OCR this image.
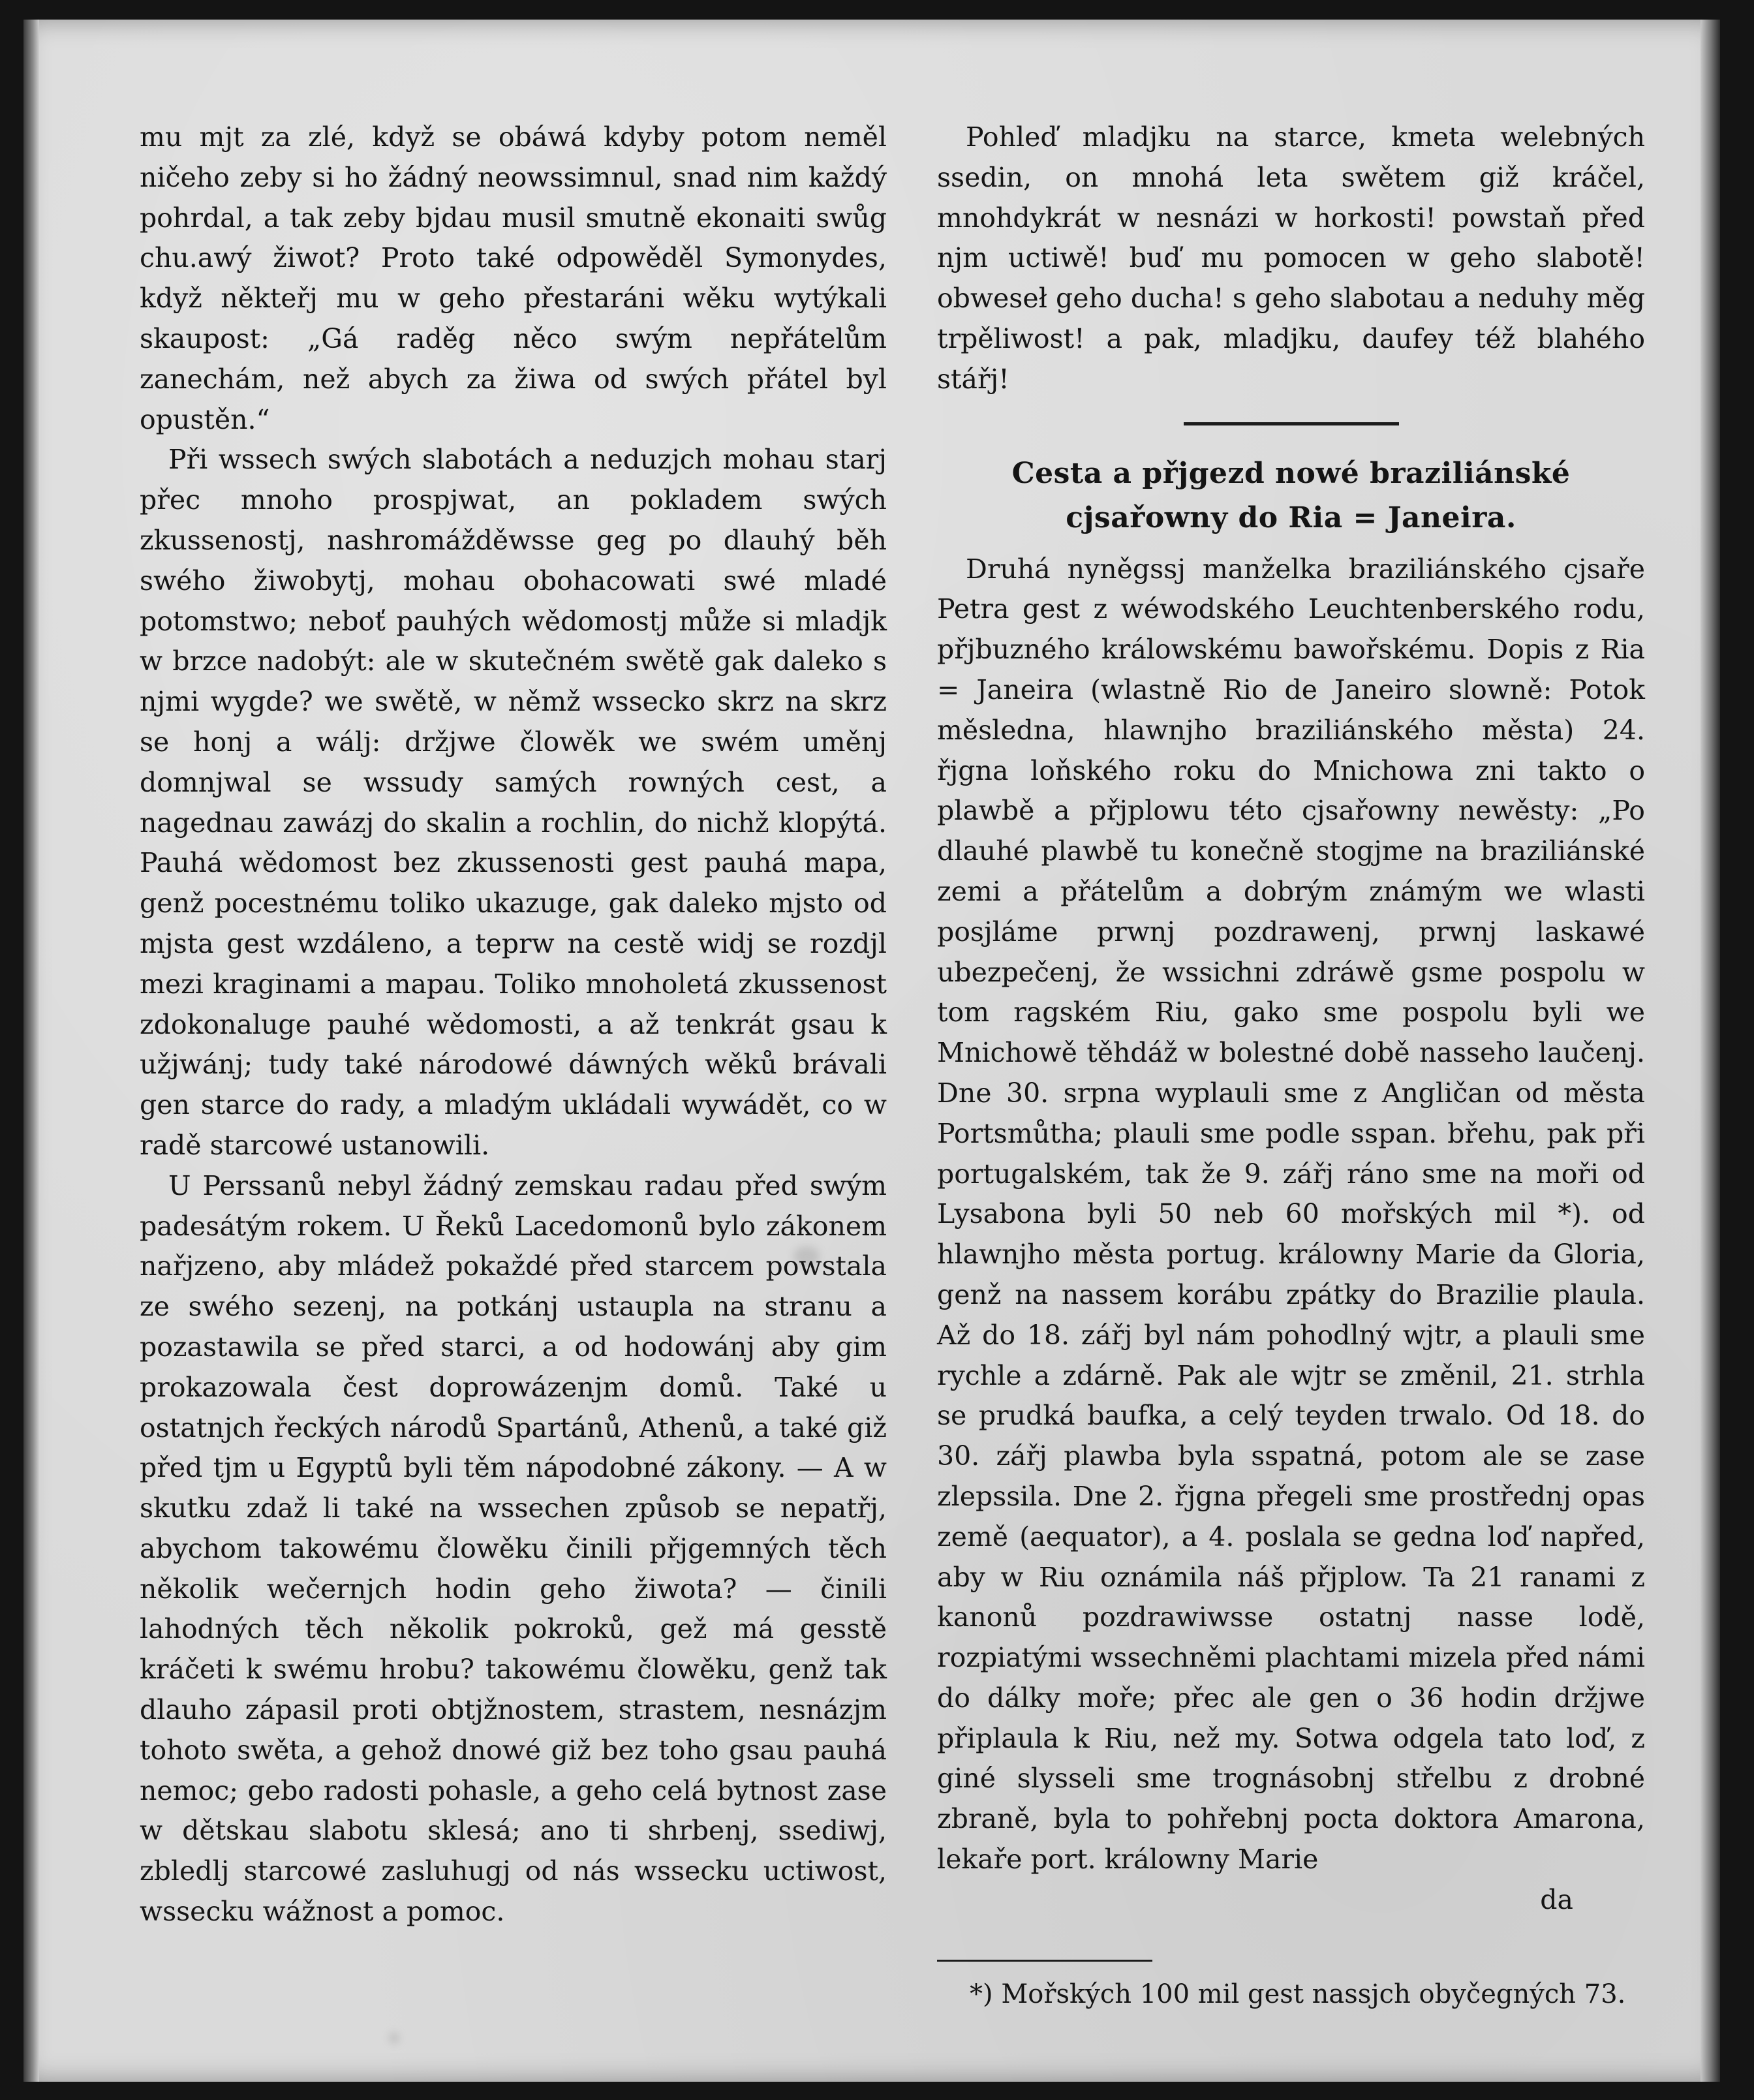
mu mjt za zlé, když se obáwá kdyby potom neměl ničeho zeby si ho žádný neowssimnul, snad nim každý pohrdal, a tak zeby bjdau musil smutně ekonaiti swůg chu.awý žiwot? Proto také odpowěděl Symonydes, když někteřj mu w geho přestaráni wěku wytýkali skaupost: „Gá raděg něco swým nepřátelům zanechám, než abych za žiwa od swých přátel byl opustěn.“

Při wssech swých slabotách a neduzjch mohau starj přec mnoho prospjwat, an pokladem swých zkussenostj, nashromážděwsse geg po dlauhý běh swého žiwobytj, mohau obohacowati swé mladé potomstwo; neboť pauhých wědomostj může si mladjk w brzce nadobýt: ale w skutečném swětě gak daleko s njmi wygde? we swětě, w němž wssecko skrz na skrz se honj a wálj: držjwe člowěk we swém uměnj domnjwal se wssudy samých rowných cest, a nagednau zawázj do skalin a rochlin, do nichž klopýtá. Pauhá wědomost bez zkussenosti gest pauhá mapa, genž pocestnému tolikо ukazuge, gak daleko mjsto od mjsta gest wzdáleno, a teprw na cestě widj se rozdjl mezi kraginami a mapau. Toliko mnoholetá zkussenost zdokonaluge pauhé wědomosti, a až tenkrát gsau k užjwánj; tudy také národowé dáwných wěků brávali gen starce do rady, a mladým ukládali wywádět, co w radě starcowé ustanowili.

U Perssanů nebyl žádný zemskau radau před swým padesátým rokem. U Řeků Lacedomonů bylo zákonem nařjzeno, aby mládež pokaždé před starcem powstala ze swého sezenj, na potkánj ustaupla na stranu a pozastawila se před starci, a od hodowánj aby gim prokazowala čest doprowázenjm domů. Také u ostatnjch řeckých národů Spartánů, Athenů, a také giž před tjm u Egyptů byli těm nápodobné zákony. — A w skutku zdaž li také na wssechen způsob se nepatřj, abychom takowému člowěku činili přjgemných těch několik wečernjch hodin geho žiwota? — činili lahodných těch několik pokroků, gež má gesstě kráčeti k swému hrobu? takowému člowěku, genž tak dlauho zápasil proti obtjžnostem, strastem, nesnázjm tohoto swěta, a gehož dnowé giž bez toho gsau pauhá nemoc; gebo radosti pohasle, a geho celá bytnost zase w dětskau slabotu sklesá; ano ti shrbenj, ssediwj, zbledlj starcowé zasluhugj od nás wssecku uctiwost, wssecku wážnost a pomoc.

Pohleď mladjku na starce, kmeta welebných ssedin, on mnohá leta swětem giž kráčel, mnohdykrát w nesnázi w horkosti! powstaň před njm uctiwě! buď mu pomocen w geho slabotě! obweseł geho ducha! s geho slabotau a neduhy měg trpěliwost! a pak, mladjku, daufey též blahého stářj!

Cesta a přjgezd nowé braziliánské cjsařowny do Ria = Janeira.

Druhá nyněgssj manželka braziliánského cjsaře Petra gest z wéwodského Leuchtenberského rodu, přjbuzného králowskému bawořskému. Dopis z Ria = Janeira (wlastně Rio de Janeiro slowně: Potok měsledna, hlawnjho braziliánského města) 24. řjgna loňského roku do Mnichowa zni takto o plawbě a přjplowu této cjsařowny newěsty: „Po dlauhé plawbě tu konečně stogjme na braziliánské zemi a přátelům a dobrým známým we wlasti posjláme prwnj pozdrawenj, prwnj laskawé ubezpečenj, že wssichni zdráwě gsme pospolu w tom ragském Riu, gako sme pospolu byli we Mnichowě těhdáž w bolestné době nasseho laučenj. Dne 30. srpna wyplauli sme z Angličan od města Portsmůtha; plauli sme podle sspan. břehu, pak při portugalském, tak že 9. zářj ráno sme na moři od Lysabona byli 50 neb 60 mořských mil *). od hlawnjho města portug. králowny Marie da Gloria, genž na nassem korábu zpátky do Brazilie plaula. Až do 18. zářj byl nám pohodlný wjtr, a plauli sme rychle a zdárně. Pak ale wjtr se změnil, 21. strhla se prudká baufka, a celý teyden trwalo. Od 18. do 30. zářj plawba byla sspatná, potom ale se zase zlepssila. Dne 2. řjgna přegeli sme prostřednj opas země (aequator), a 4. poslala se gedna loď napřed, aby w Riu oznámila náš přjplow. Ta 21 ranami z kanonů pozdrawiwsse ostatnj nasse lodě, rozpiatými wssechněmi plachtami mizela před námi do dálky moře; přec ale gen o 36 hodin držjwe připlaula k Riu, než my. Sotwa odgela tato loď, z giné slysseli sme trognásobnj střelbu z drobné zbraně, byla to pohřebnj pocta doktora Amarona, lekaře port. králowny Marie

da

*) Mořských 100 mil gest nassjch obyčegných 73.
